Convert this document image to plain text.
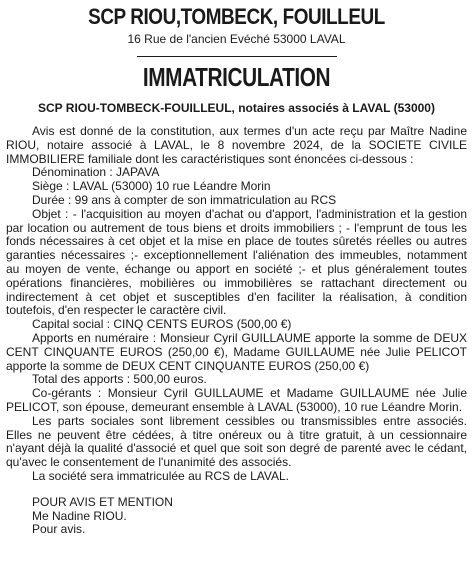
SCP RIOU,TOMBECK, FOUILLEUL
16 Rue de l'ancien Evéché 53000 LAVAL
IMMATRICULATION
SCP RIOU-TOMBECK-FOUILLEUL, notaires associés à LAVAL (53000)

Avis est donné de la constitution, aux termes d'un acte reçu par Maître Nadine RIOU, notaire associé à LAVAL, le 8 novembre 2024, de la SOCIETE CIVILE IMMOBILIERE familiale dont les caractéristiques sont énoncées ci-dessous :

Dénomination : JAPAVA

Siège : LAVAL (53000) 10 rue Léandre Morin

Durée : 99 ans à compter de son immatriculation au RCS

Objet : - l'acquisition au moyen d'achat ou d'apport, l'administration et la gestion par location ou autrement de tous biens et droits immobiliers ; - l'emprunt de tous les fonds nécessaires à cet objet et la mise en place de toutes sûretés réelles ou autres garanties nécessaires ;- exceptionnellement l'aliénation des immeubles, notamment au moyen de vente, échange ou apport en société ;- et plus généralement toutes opérations financières, mobilières ou immobilières se rattachant directement ou indirectement à cet objet et susceptibles d'en faciliter la réalisation, à condition toutefois, d'en respecter le caractère civil.

Capital social : CINQ CENTS EUROS (500,00 €)

Apports en numéraire : Monsieur Cyril GUILLAUME apporte la somme de DEUX CENT CINQUANTE EUROS (250,00 €), Madame GUILLAUME née Julie PELICOT apporte la somme de DEUX CENT CINQUANTE EUROS (250,00 €)

Total des apports : 500,00 euros.

Co-gérants : Monsieur Cyril GUILLAUME et Madame GUILLAUME née Julie PELICOT, son épouse, demeurant ensemble à LAVAL (53000), 10 rue Léandre Morin.

Les parts sociales sont librement cessibles ou transmissibles entre associés. Elles ne peuvent être cédées, à titre onéreux ou à titre gratuit, à un cessionnaire n'ayant déjà la qualité d'associé et quel que soit son degré de parenté avec le cédant, qu'avec le consentement de l'unanimité des associés.

La société sera immatriculée au RCS de LAVAL.

POUR AVIS ET MENTION
Me Nadine RIOU.
Pour avis.
